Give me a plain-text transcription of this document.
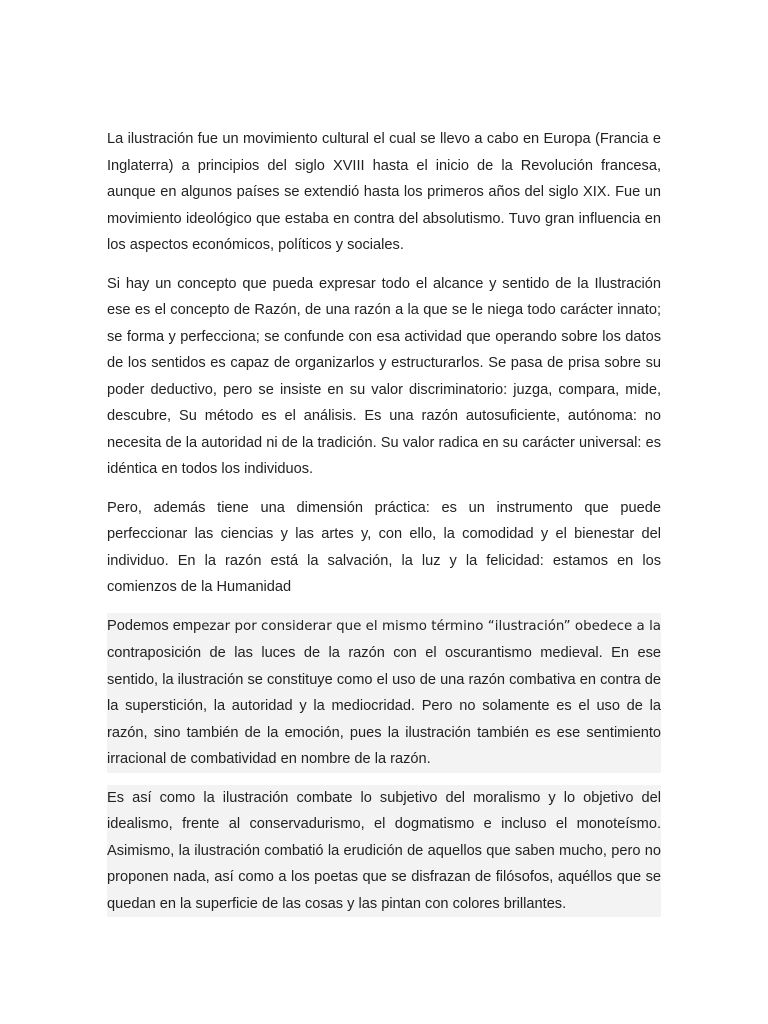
La ilustración fue un movimiento cultural el cual se llevo a cabo en Europa (Francia e Inglaterra) a principios del siglo XVIII hasta el inicio de la Revolución francesa, aunque en algunos países se extendió hasta los primeros años del siglo XIX. Fue un movimiento ideológico que estaba en contra del absolutismo. Tuvo gran influencia en los aspectos económicos, políticos y sociales.

Si hay un concepto que pueda expresar todo el alcance y sentido de la Ilustración ese es el concepto de Razón, de una razón a la que se le niega todo carácter innato; se forma y perfecciona; se confunde con esa actividad que operando sobre los datos de los sentidos es capaz de organizarlos y estructurarlos. Se pasa de prisa sobre su poder deductivo, pero se insiste en su valor discriminatorio: juzga, compara, mide, descubre, Su método es el análisis. Es una razón autosuficiente, autónoma: no necesita de la autoridad ni de la tradición. Su valor radica en su carácter universal: es idéntica en todos los individuos.

Pero, además tiene una dimensión práctica: es un instrumento que puede perfeccionar las ciencias y las artes y, con ello, la comodidad y el bienestar del individuo. En la razón está la salvación, la luz y la felicidad: estamos en los comienzos de la Humanidad

Podemos empezar por considerar que el mismo término “ilustración” obedece a la contraposición de las luces de la razón con el oscurantismo medieval. En ese sentido, la ilustración se constituye como el uso de una razón combativa en contra de la superstición, la autoridad y la mediocridad. Pero no solamente es el uso de la razón, sino también de la emoción, pues la ilustración también es ese sentimiento irracional de combatividad en nombre de la razón.

Es así como la ilustración combate lo subjetivo del moralismo y lo objetivo del idealismo, frente al conservadurismo, el dogmatismo e incluso el monoteísmo. Asimismo, la ilustración combatió la erudición de aquellos que saben mucho, pero no proponen nada, así como a los poetas que se disfrazan de filósofos, aquéllos que se quedan en la superficie de las cosas y las pintan con colores brillantes.
